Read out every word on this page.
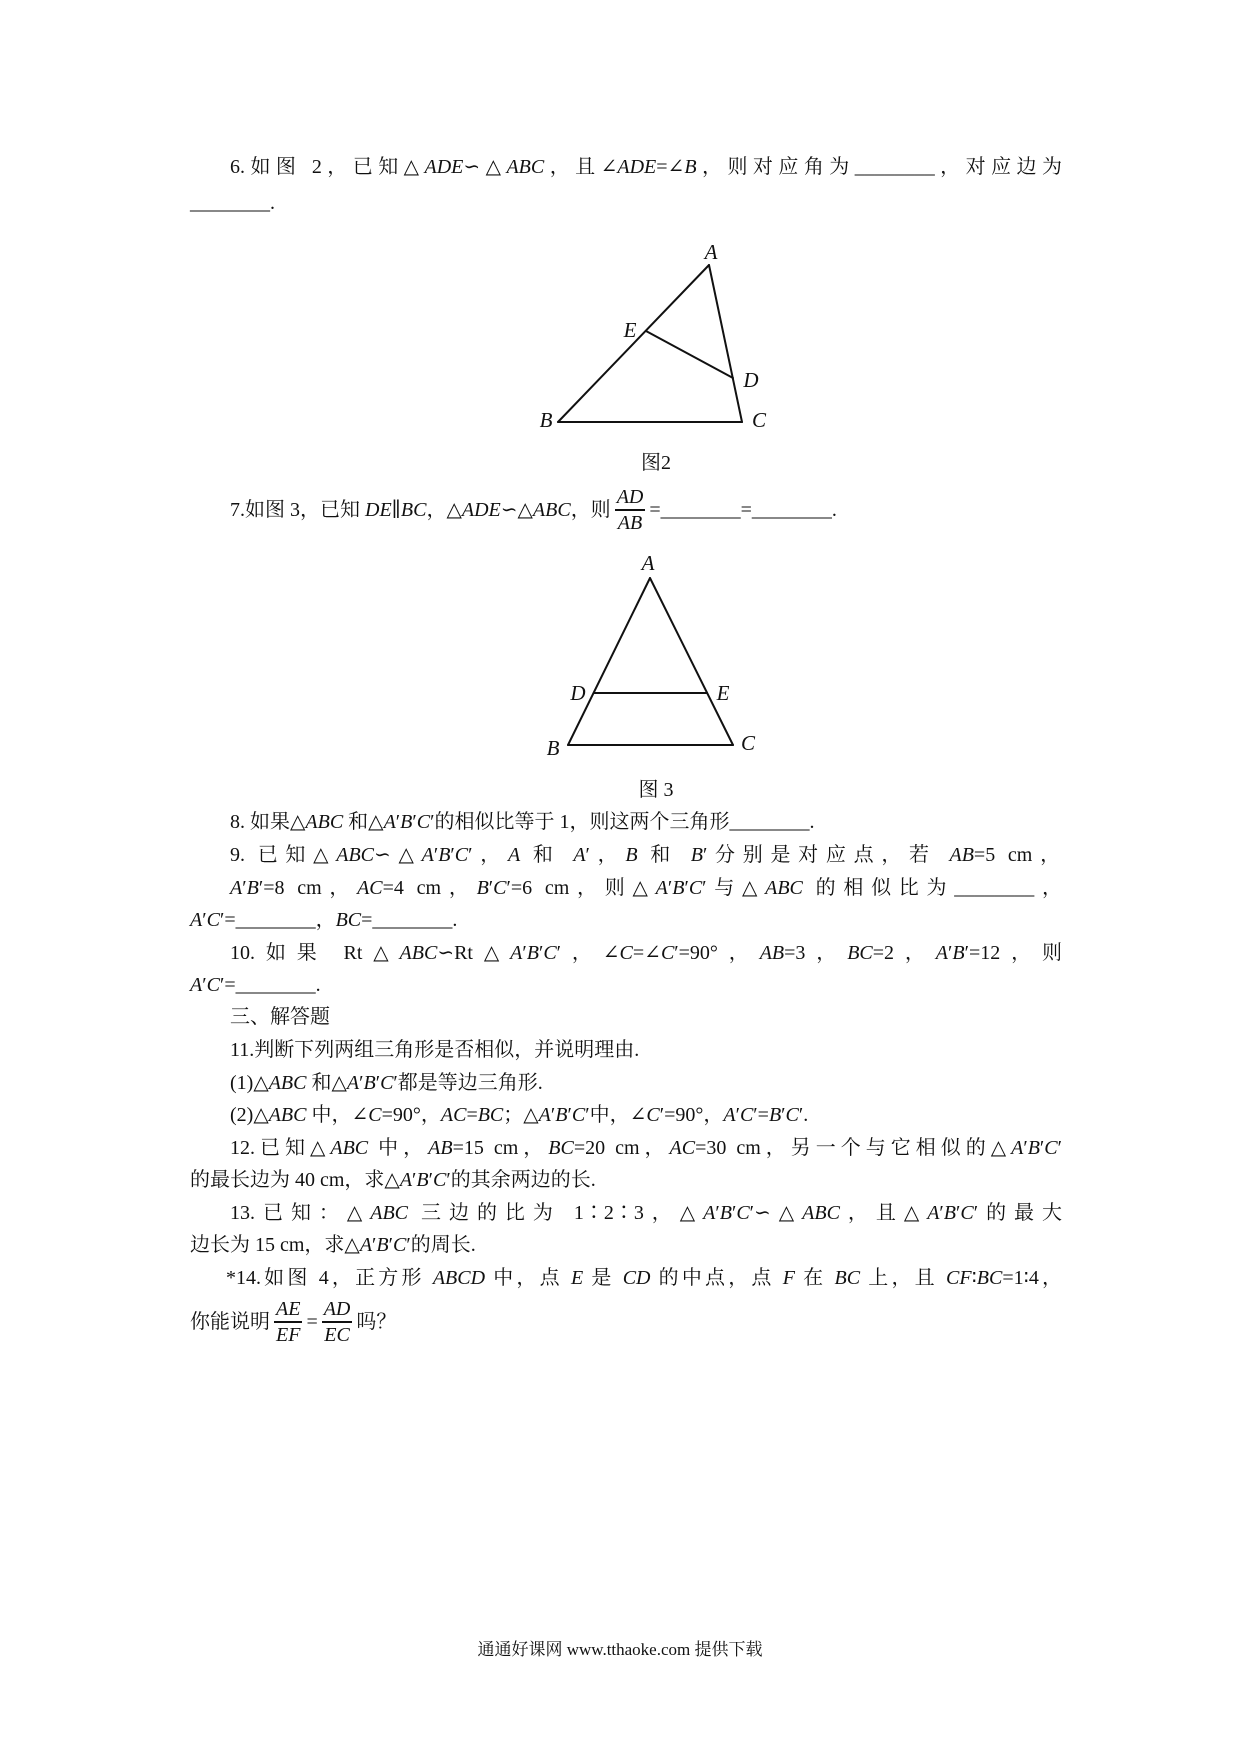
6.如图 2，已知△ADE∽△ABC，且∠ADE=∠B，则对应角为________，对应边为
________.
A
E
D
B	C
图2
7.如图 3，已知 DE∥BC，△ADE∽△ABC，则 $\frac{AD}{AB}$ =________=________.
A
D	E
B	C
图 3
8. 如果△ABC 和△A′B′C′的相似比等于 1，则这两个三角形________.
9. 已知△ABC∽△A′B′C′，A 和 A′，B 和 B′分别是对应点，若 AB=5 cm，
A′B′=8 cm，AC=4 cm，B′C′=6 cm，则△A′B′C′与△ABC 的相似比为________，
A′C′=________，BC=________.
10.如果 Rt△ABC∽Rt△A′B′C′，∠C=∠C′=90°，AB=3，BC=2，A′B′=12，则
A′C′=________.
三、解答题
11.判断下列两组三角形是否相似，并说明理由.
(1)△ABC 和△A′B′C′都是等边三角形.
(2)△ABC 中，∠C=90°，AC=BC；△A′B′C′中，∠C′=90°，A′C′=B′C′.
12.已知△ABC 中，AB=15 cm，BC=20 cm，AC=30 cm，另一个与它相似的△A′B′C′
的最长边为 40 cm，求△A′B′C′的其余两边的长.
13.已知：△ABC 三边的比为 1∶2∶3，△A′B′C′∽△ABC，且△A′B′C′的最大
边长为 15 cm，求△A′B′C′的周长.
*14.如图 4，正方形 ABCD 中，点 E 是 CD 的中点，点 F 在 BC 上，且 CF∶BC=1∶4，
你能说明 $\frac{AE}{EF} = \frac{AD}{EC}$ 吗？
通通好课网 www.tthaoke.com 提供下载
